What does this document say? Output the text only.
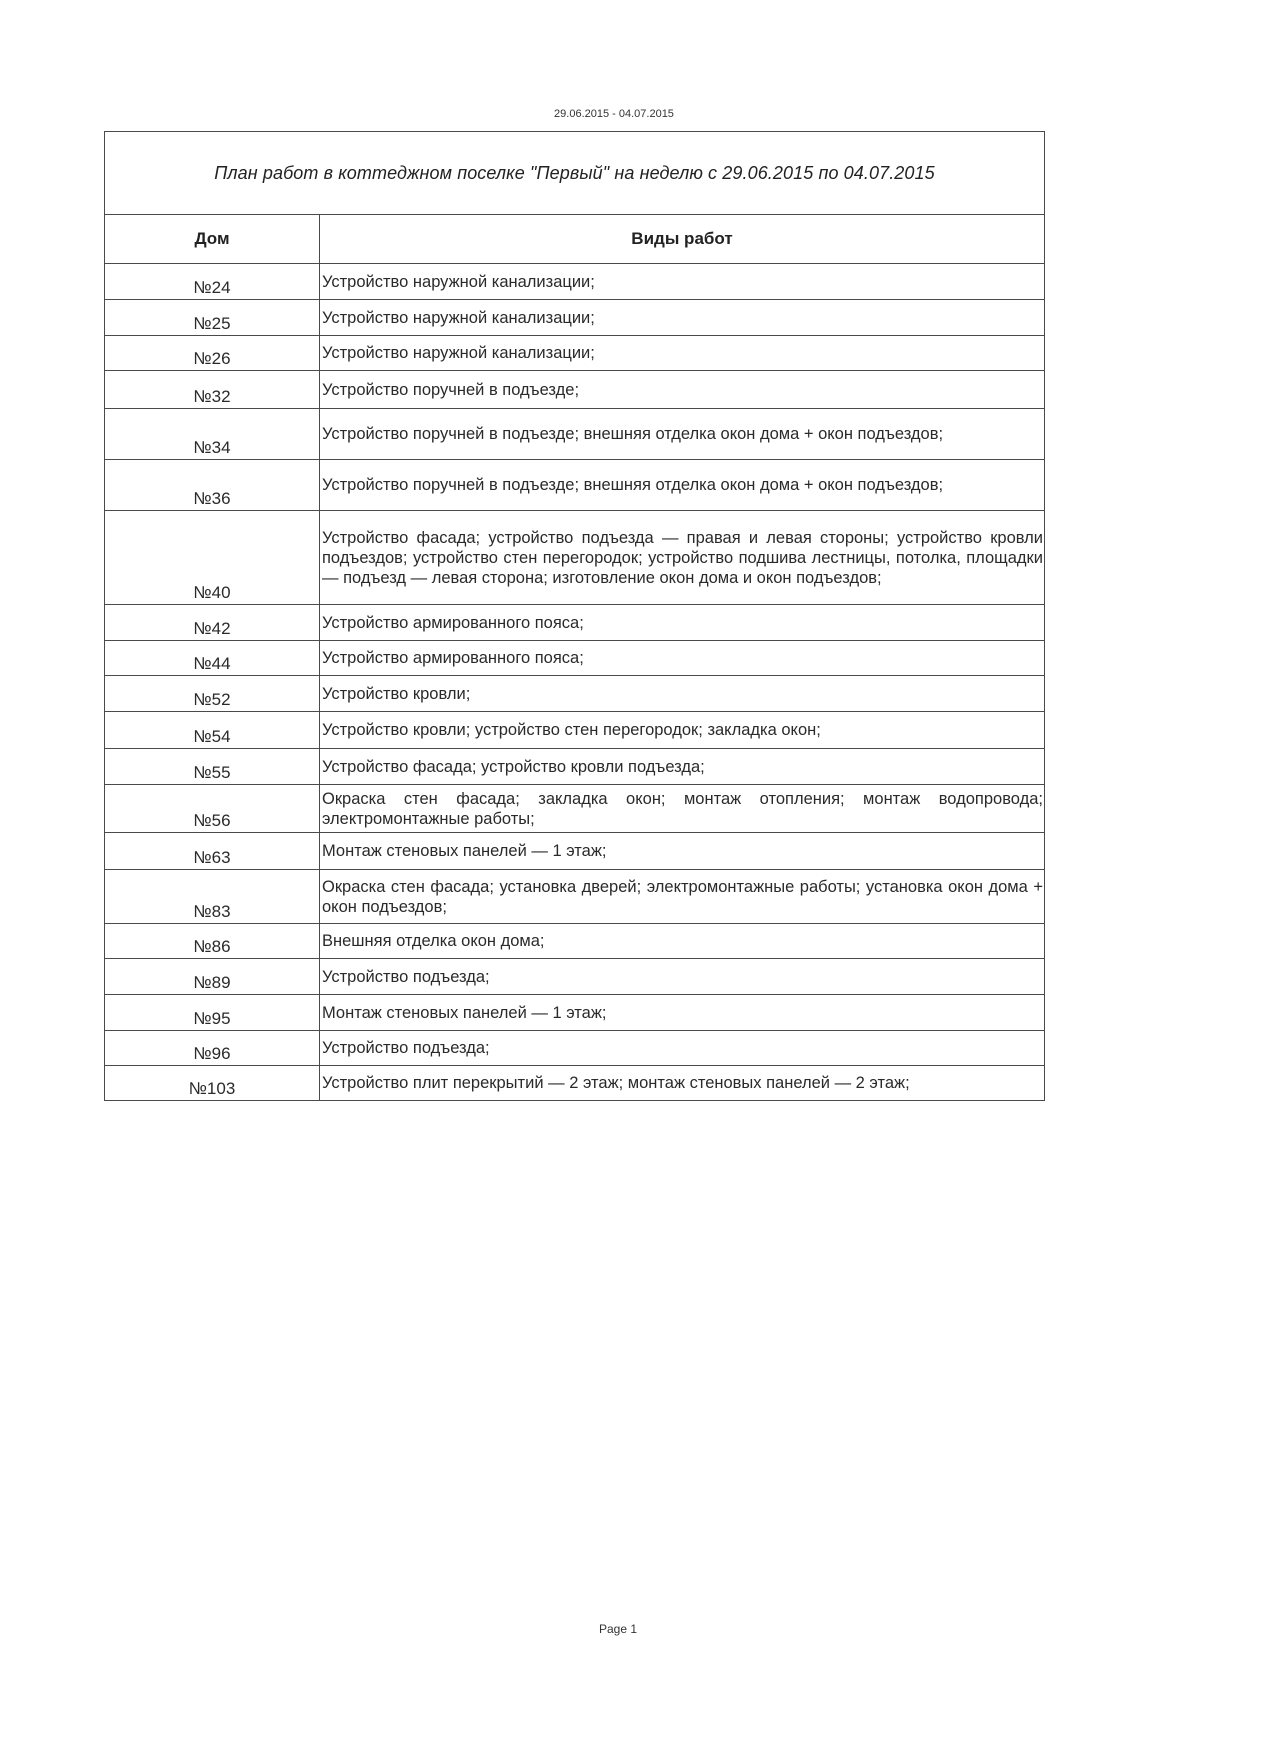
29.06.2015 - 04.07.2015
План работ в коттеджном поселке "Первый" на неделю с 29.06.2015 по 04.07.2015	
Дом	Виды работ
№24	Устройство наружной канализации;
№25	Устройство наружной канализации;
№26	Устройство наружной канализации;
№32	Устройство поручней в подъезде;
№34	Устройство поручней в подъезде; внешняя отделка окон дома + окон подъездов;
№36	Устройство поручней в подъезде; внешняя отделка окон дома + окон подъездов;
№40	Устройство фасада; устройство подъезда — правая и левая стороны; устройство кровли подъездов; устройство стен перегородок; устройство подшива лестницы, потолка, площадки — подъезд — левая сторона; изготовление окон дома и окон подъездов;
№42	Устройство армированного пояса;
№44	Устройство армированного пояса;
№52	Устройство кровли;
№54	Устройство кровли; устройство стен перегородок; закладка окон;
№55	Устройство фасада; устройство кровли подъезда;
№56	Окраска стен фасада; закладка окон; монтаж отопления; монтаж водопровода; электромонтажные работы;
№63	Монтаж стеновых панелей — 1 этаж;
№83	Окраска стен фасада; установка дверей; электромонтажные работы; установка окон дома + окон подъездов;
№86	Внешняя отделка окон дома;
№89	Устройство подъезда;
№95	Монтаж стеновых панелей — 1 этаж;
№96	Устройство подъезда;
№103	Устройство плит перекрытий — 2 этаж; монтаж стеновых панелей — 2 этаж;
Page 1
